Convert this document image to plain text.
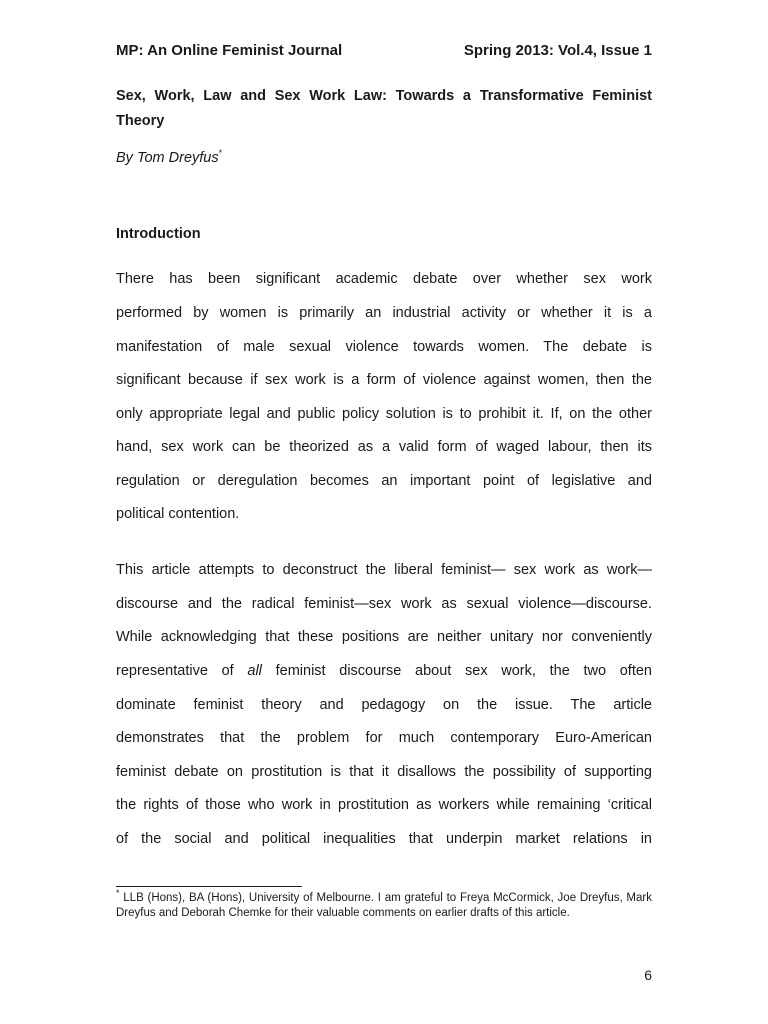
MP: An Online Feminist Journal	Spring 2013: Vol.4, Issue 1
Sex, Work, Law and Sex Work Law: Towards a Transformative Feminist Theory
By Tom Dreyfus*
Introduction
There has been significant academic debate over whether sex work
performed by women is primarily an industrial activity or whether it is a
manifestation of male sexual violence towards women. The debate is
significant because if sex work is a form of violence against women, then the
only appropriate legal and public policy solution is to prohibit it. If, on the other
hand, sex work can be theorized as a valid form of waged labour, then its
regulation or deregulation becomes an important point of legislative and
political contention.
This article attempts to deconstruct the liberal feminist— sex work as work—
discourse and the radical feminist—sex work as sexual violence—discourse.
While acknowledging that these positions are neither unitary nor conveniently
representative of all feminist discourse about sex work, the two often
dominate feminist theory and pedagogy on the issue. The article
demonstrates that the problem for much contemporary Euro-American
feminist debate on prostitution is that it disallows the possibility of supporting
the rights of those who work in prostitution as workers while remaining ‘critical
of the social and political inequalities that underpin market relations in
* LLB (Hons), BA (Hons), University of Melbourne. I am grateful to Freya McCormick, Joe Dreyfus, Mark Dreyfus and Deborah Chemke for their valuable comments on earlier drafts of this article.
6
